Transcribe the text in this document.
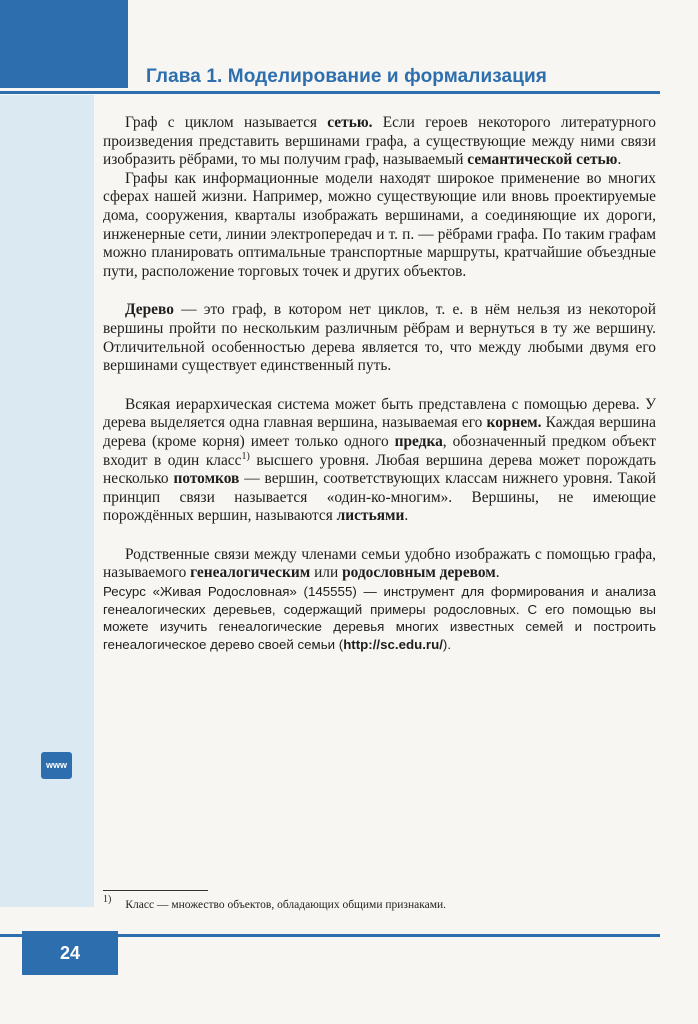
Глава 1. Моделирование и формализация

Граф с циклом называется сетью. Если героев некоторого литературного произведения представить вершинами графа, а существующие между ними связи изобразить рёбрами, то мы получим граф, называемый семантической сетью.

Графы как информационные модели находят широкое применение во многих сферах нашей жизни. Например, можно существующие или вновь проектируемые дома, сооружения, кварталы изображать вершинами, а соединяющие их дороги, инженерные сети, линии электропередач и т. п. — рёбрами графа. По таким графам можно планировать оптимальные транспортные маршруты, кратчайшие объездные пути, расположение торговых точек и других объектов.

Дерево — это граф, в котором нет циклов, т. е. в нём нельзя из некоторой вершины пройти по нескольким различным рёбрам и вернуться в ту же вершину. Отличительной особенностью дерева является то, что между любыми двумя его вершинами существует единственный путь.

Всякая иерархическая система может быть представлена с помощью дерева. У дерева выделяется одна главная вершина, называемая его корнем. Каждая вершина дерева (кроме корня) имеет только одного предка, обозначенный предком объект входит в один класс$^{1)}$ высшего уровня. Любая вершина дерева может порождать несколько потомков — вершин, соответствующих классам нижнего уровня. Такой принцип связи называется «один-ко-многим». Вершины, не имеющие порождённых вершин, называются листьями.

Родственные связи между членами семьи удобно изображать с помощью графа, называемого генеалогическим или родословным деревом.

Ресурс «Живая Родословная» (145555) — инструмент для формирования и анализа генеалогических деревьев, содержащий примеры родословных. С его помощью вы можете изучить генеалогические деревья многих известных семей и построить генеалогическое дерево своей семьи (http://sc.edu.ru/).

www
$^{1)}$ Класс — множество объектов, обладающих общими признаками.
24
